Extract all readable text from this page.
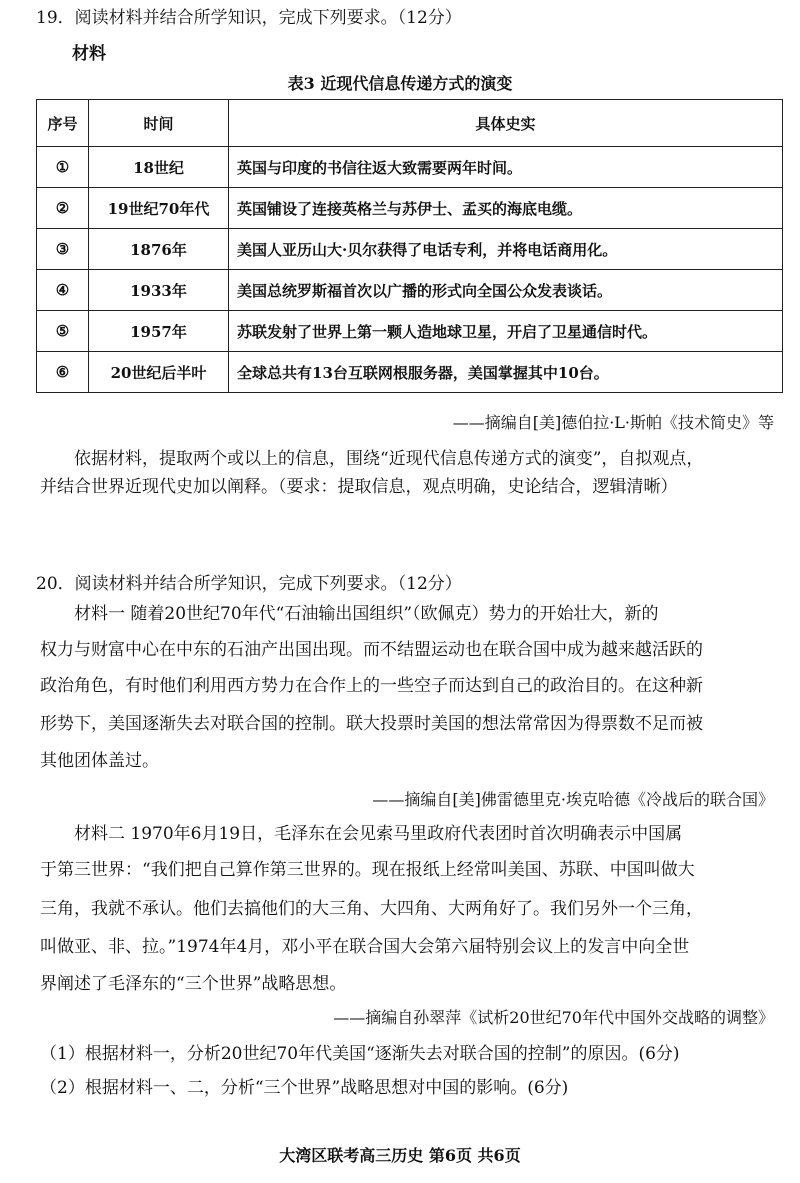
19．阅读材料并结合所学知识，完成下列要求。（12分）
材料
表3 近现代信息传递方式的演变
序号	时间	具体史实
①	18世纪	英国与印度的书信往返大致需要两年时间。
②	19世纪70年代	英国铺设了连接英格兰与苏伊士、孟买的海底电缆。
③	1876年	美国人亚历山大·贝尔获得了电话专利，并将电话商用化。
④	1933年	美国总统罗斯福首次以广播的形式向全国公众发表谈话。
⑤	1957年	苏联发射了世界上第一颗人造地球卫星，开启了卫星通信时代。
⑥	20世纪后半叶	全球总共有13台互联网根服务器，美国掌握其中10台。
——摘编自[美]德伯拉·L·斯帕《技术简史》等
依据材料，提取两个或以上的信息，围绕“近现代信息传递方式的演变”，自拟观点，
并结合世界近现代史加以阐释。（要求：提取信息，观点明确，史论结合，逻辑清晰）
20．阅读材料并结合所学知识，完成下列要求。（12分）
材料一 随着20世纪70年代“石油输出国组织”（欧佩克）势力的开始壮大，新的
权力与财富中心在中东的石油产出国出现。而不结盟运动也在联合国中成为越来越活跃的
政治角色，有时他们利用西方势力在合作上的一些空子而达到自己的政治目的。在这种新
形势下，美国逐渐失去对联合国的控制。联大投票时美国的想法常常因为得票数不足而被
其他团体盖过。
——摘编自[美]佛雷德里克·埃克哈德《冷战后的联合国》
材料二 1970年6月19日，毛泽东在会见索马里政府代表团时首次明确表示中国属
于第三世界：“我们把自己算作第三世界的。现在报纸上经常叫美国、苏联、中国叫做大
三角，我就不承认。他们去搞他们的大三角、大四角、大两角好了。我们另外一个三角，
叫做亚、非、拉。”1974年4月，邓小平在联合国大会第六届特别会议上的发言中向全世
界阐述了毛泽东的“三个世界”战略思想。
——摘编自孙翠萍《试析20世纪70年代中国外交战略的调整》
（1）根据材料一，分析20世纪70年代美国“逐渐失去对联合国的控制”的原因。(6分)
（2）根据材料一、二，分析“三个世界”战略思想对中国的影响。(6分)
大湾区联考高三历史 第6页 共6页
